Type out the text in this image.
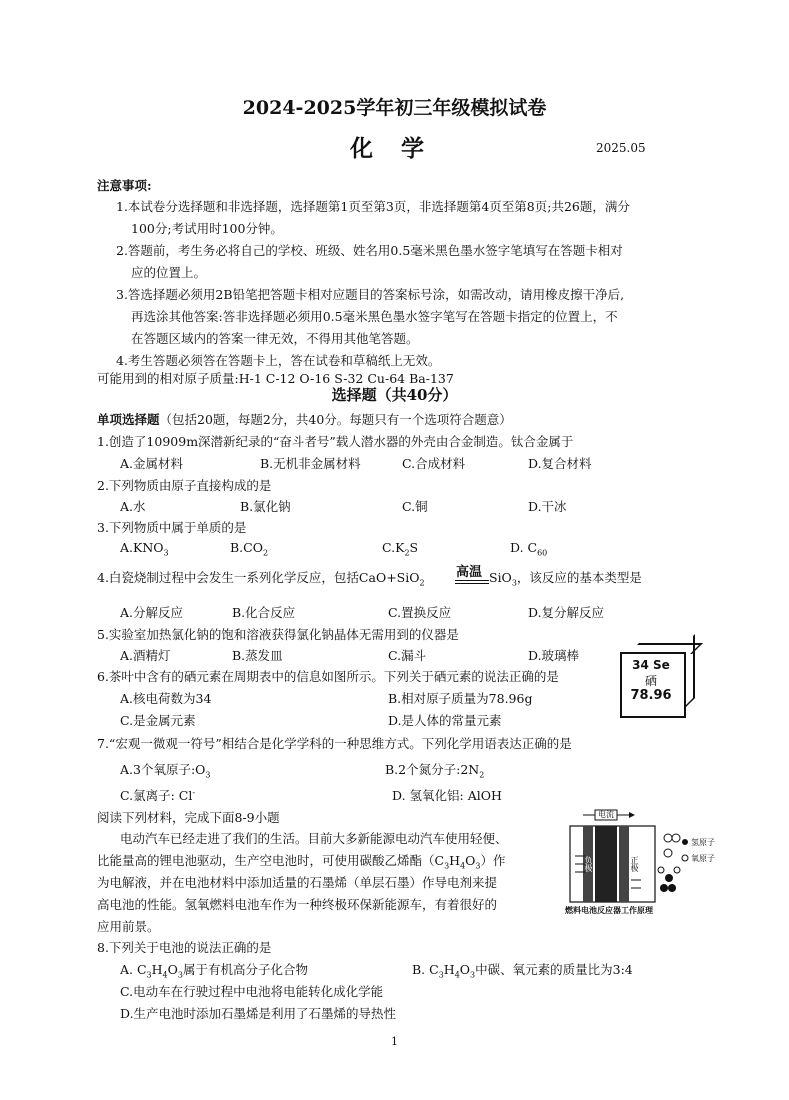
2024-2025学年初三年级模拟试卷
化 学	2025.05
注意事项:
1.本试卷分选择题和非选择题，选择题第1页至第3页，非选择题第4页至第8页;共26题，满分
100分;考试用时100分钟。
2.答题前，考生务必将自己的学校、班级、姓名用0.5毫米黑色墨水签字笔填写在答题卡相对
应的位置上。
3.答选择题必须用2B铅笔把答题卡相对应题目的答案标号涂，如需改动，请用橡皮擦干净后,
再选涂其他答案:答非选择题必须用0.5毫米黑色墨水签字笔写在答题卡指定的位置上，不
在答题区域内的答案一律无效，不得用其他笔答题。
4.考生答题必须答在答题卡上，答在试卷和草稿纸上无效。
可能用到的相对原子质量:H-1 C-12 O-16 S-32 Cu-64 Ba-137
选择题（共40分）
单项选择题（包括20题，每题2分，共40分。每题只有一个选项符合题意）
1.创造了10909m深潜新纪录的“奋斗者号”载人潜水器的外壳由合金制造。钛合金属于
A.金属材料	B.无机非金属材料	C.合成材料	D.复合材料
2.下列物质由原子直接构成的是
A.水	B.氯化钠	C.铜	D.干冰
3.下列物质中属于单质的是
$A.KNO_3$	$B.CO_2$	$C.K_2S$	D. $C_{60}$
4.白瓷烧制过程中会发生一系列化学反应，包括CaO+SiO$_2$
高温 SiO$_3$，该反应的基本类型是
A.分解反应	B.化合反应	C.置换反应	D.复分解反应
5.实验室加热氯化钠的饱和溶液获得氯化钠晶体无需用到的仪器是
A.酒精灯	B.蒸发皿	C.漏斗	D.玻璃棒
6.茶叶中含有的硒元素在周期表中的信息如图所示。下列关于硒元素的说法正确的是
A.核电荷数为34	B.相对原子质量为78.96g
C.是金属元素	D.是人体的常量元素
34 Se
硒
78.96
7.“宏观一微观一符号”相结合是化学学科的一种思维方式。下列化学用语表达正确的是
A.3个氧原子$:O_3$	B.2个氮分子$:2N_2$
C.氯离子: Cl-	D. 氢氧化铝: AlOH
阅读下列材料，完成下面8-9小题
电动汽车已经走进了我们的生活。目前大多新能源电动汽车使用轻便、
比能量高的锂电池驱动，生产空电池时，可使用碳酸乙烯酯$(C_3H_4O_3)$作
为电解液，并在电池材料中添加适量的石墨烯（单层石墨）作导电剂来提
高电池的性能。氢氧燃料电池车作为一种终极环保新能源车，有着很好的
应用前景。
电流
负极	正极
氢原子
氧原子
燃料电池反应器工作原理
8.下列关于电池的说法正确的是
A. $C_3H_4O_3$属于有机高分子化合物	B. $C_3H_4O_3$中碳、氧元素的质量比为3:4
C.电动车在行驶过程中电池将电能转化成化学能
D.生产电池时添加石墨烯是利用了石墨烯的导热性
1
